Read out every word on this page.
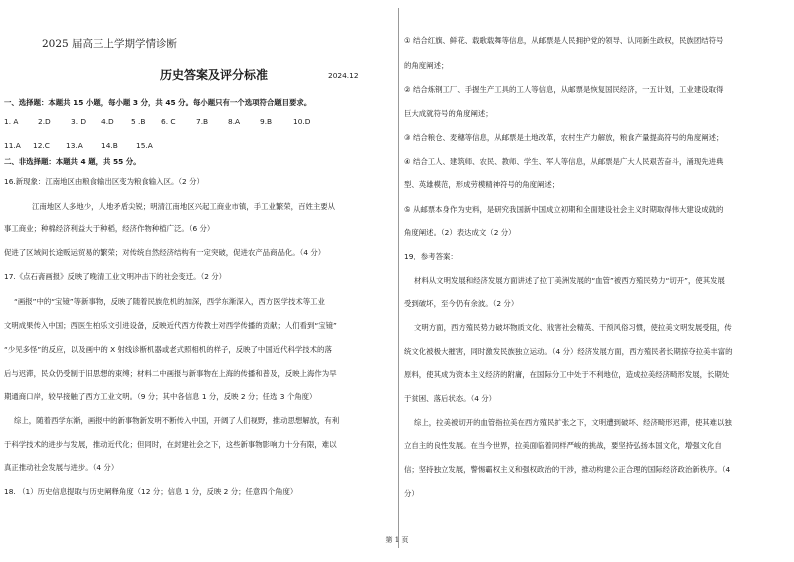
2025 届高三上学期学情诊断
历史答案及评分标准	2024.12
一、选择题：本题共 15 小题，每小题 3 分，共 45 分。每小题只有一个选项符合题目要求。
1. A	2.D	3. D 4.D 5 .B 6. C	7.B	8.A	9.B	10.D
11.A 12.C 13.A 14.B 15.A
二、非选择题：本题共 4 题，共 55 分。
16.新现象：江南地区由粮食输出区变为粮食输入区。（2 分）
江南地区人多地少，人地矛盾尖锐；明清江南地区兴起工商业市镇，手工业繁荣，百姓主要从
事工商业；种棉经济利益大于种稻，经济作物种植广泛。（6 分）
促进了区域间长途贩运贸易的繁荣；对传统自然经济结构有一定突破，促进农产品商品化。（4 分）
17.《点石斋画报》反映了晚清工业文明冲击下的社会变迁。（2 分）
“画报”中的“宝镜”等新事物，反映了随着民族危机的加深，西学东渐深入，西方医学技术等工业
文明成果传入中国；西医生柏乐文引进设备，反映近代西方传教士对西学传播的贡献；人们看到“宝镜”
“少见多怪”的反应，以及画中的 X 射线诊断机器或老式照相机的样子，反映了中国近代科学技术的落
后与迟滞，民众仍受制于旧思想的束缚；材料二中画报与新事物在上海的传播和普及，反映上海作为早
期通商口岸，较早接触了西方工业文明。（9 分；其中各信息 1 分，反映 2 分；任选 3 个角度）
综上，随着西学东渐，画报中的新事物新发明不断传入中国，开阔了人们视野，推动思想解放，有利
于科学技术的进步与发展，推动近代化；但同时，在封建社会之下，这些新事物影响力十分有限，难以
真正推动社会发展与进步。（4 分）
18. （1）历史信息提取与历史阐释角度（12 分；信息 1 分，反映 2 分；任意四个角度）
① 结合红旗、鲜花、载歌载舞等信息，从邮票是人民拥护党的领导、认同新生政权，民族团结符号
的角度阐述；
② 结合炼钢工厂、手握生产工具的工人等信息，从邮票是恢复国民经济，一五计划，工业建设取得
巨大成就符号的角度阐述；
③ 结合粮仓、麦穗等信息，从邮票是土地改革，农村生产力解放，粮食产量提高符号的角度阐述；
④ 结合工人、建筑师、农民、教师、学生、军人等信息，从邮票是广大人民艰苦奋斗，涌现先进典
型、英雄模范，形成劳模精神符号的角度阐述；
⑤ 从邮票本身作为史料，是研究我国新中国成立初期和全面建设社会主义时期取得伟大建设成就的
角度阐述。（2）表达成文（2 分）
19．参考答案：
材料从文明发展和经济发展方面讲述了拉丁美洲发展的“血管”被西方殖民势力“切开”，使其发展
受到破坏，至今仍有余波。（2 分）
文明方面，西方殖民势力破坏物质文化、戕害社会精英、干预风俗习惯，使拉美文明发展受阻，传
统文化被极大摧害，同时激发民族独立运动。（4 分）经济发展方面，西方殖民者长期掠夺拉美丰富的
原料，使其成为资本主义经济的附庸，在国际分工中处于不利地位，造成拉美经济畸形发展，长期处
于贫困、落后状态。（4 分）
综上，拉美被切开的血管指拉美在西方殖民扩张之下，文明遭到破坏、经济畸形迟滞，使其难以独
立自主的良性发展。在当今世界，拉美面临着同样严峻的挑战，要坚持弘扬本国文化，增强文化自
信；坚持独立发展，警惕霸权主义和强权政治的干涉，推动构建公正合理的国际经济政治新秩序。（4
分）
第 1 页
